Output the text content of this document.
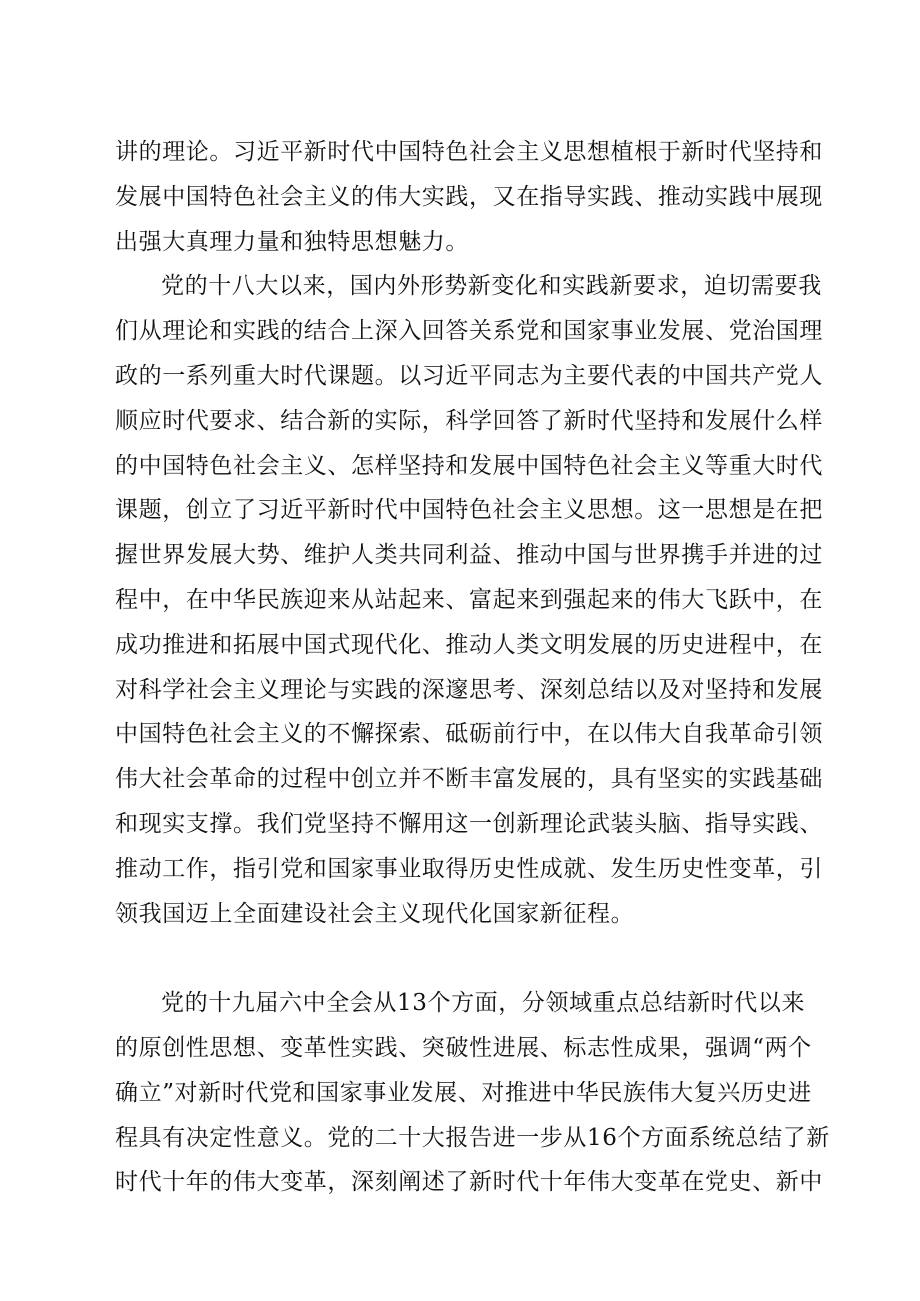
讲的理论。习近平新时代中国特色社会主义思想植根于新时代坚持和
发展中国特色社会主义的伟大实践，又在指导实践、推动实践中展现
出强大真理力量和独特思想魅力。

党的十八大以来，国内外形势新变化和实践新要求，迫切需要我
们从理论和实践的结合上深入回答关系党和国家事业发展、党治国理
政的一系列重大时代课题。以习近平同志为主要代表的中国共产党人
顺应时代要求、结合新的实际，科学回答了新时代坚持和发展什么样
的中国特色社会主义、怎样坚持和发展中国特色社会主义等重大时代
课题，创立了习近平新时代中国特色社会主义思想。这一思想是在把
握世界发展大势、维护人类共同利益、推动中国与世界携手并进的过
程中，在中华民族迎来从站起来、富起来到强起来的伟大飞跃中，在
成功推进和拓展中国式现代化、推动人类文明发展的历史进程中，在
对科学社会主义理论与实践的深邃思考、深刻总结以及对坚持和发展
中国特色社会主义的不懈探索、砥砺前行中，在以伟大自我革命引领
伟大社会革命的过程中创立并不断丰富发展的，具有坚实的实践基础
和现实支撑。我们党坚持不懈用这一创新理论武装头脑、指导实践、
推动工作，指引党和国家事业取得历史性成就、发生历史性变革，引
领我国迈上全面建设社会主义现代化国家新征程。

党的十九届六中全会从13个方面，分领域重点总结新时代以来
的原创性思想、变革性实践、突破性进展、标志性成果，强调“两个
确立”对新时代党和国家事业发展、对推进中华民族伟大复兴历史进
程具有决定性意义。党的二十大报告进一步从16个方面系统总结了新
时代十年的伟大变革，深刻阐述了新时代十年伟大变革在党史、新中
